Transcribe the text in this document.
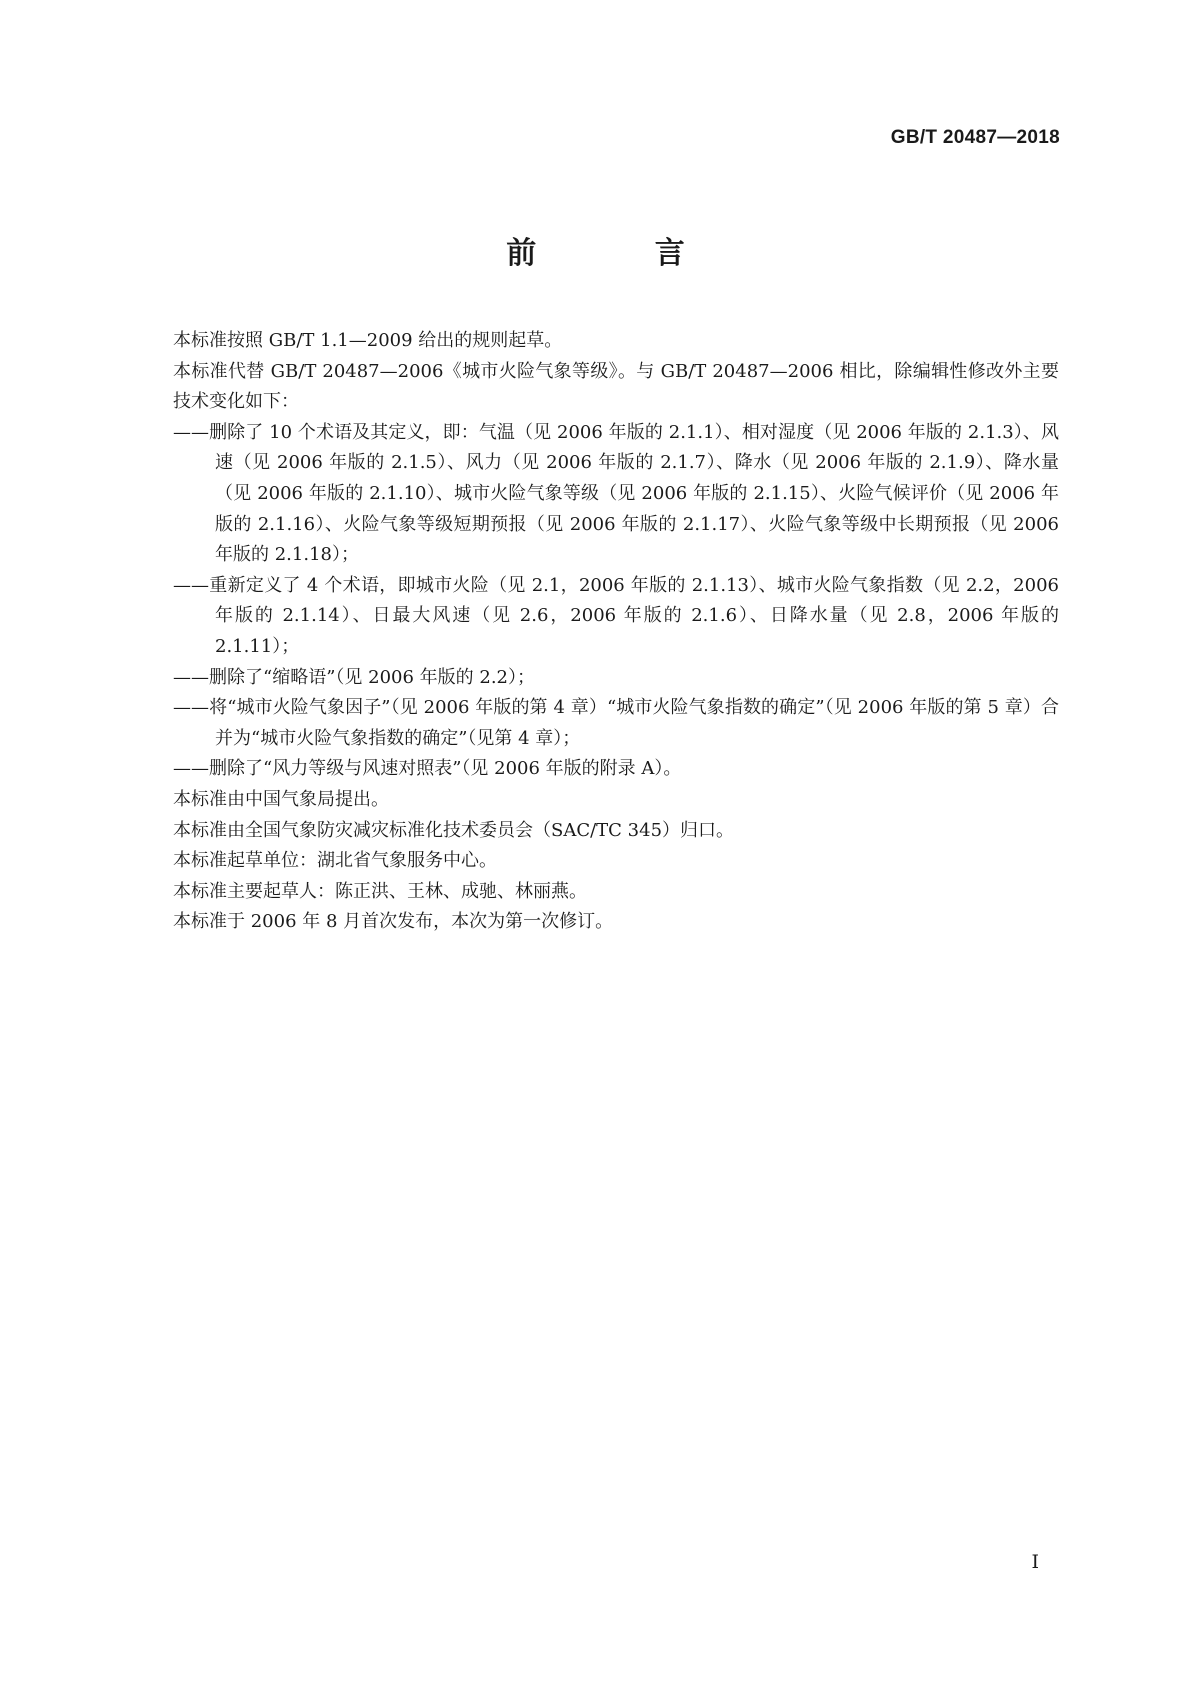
GB/T 20487—2018
前 言

本标准按照 GB/T 1.1—2009 给出的规则起草。

本标准代替 GB/T 20487—2006《城市火险气象等级》。与 GB/T 20487—2006 相比，除编辑性修改外主要技术变化如下：

——删除了 10 个术语及其定义，即：气温（见 2006 年版的 2.1.1）、相对湿度（见 2006 年版的 2.1.3）、风速（见 2006 年版的 2.1.5）、风力（见 2006 年版的 2.1.7）、降水（见 2006 年版的 2.1.9）、降水量（见 2006 年版的 2.1.10）、城市火险气象等级（见 2006 年版的 2.1.15）、火险气候评价（见 2006 年版的 2.1.16）、火险气象等级短期预报（见 2006 年版的 2.1.17）、火险气象等级中长期预报（见 2006 年版的 2.1.18）；

——重新定义了 4 个术语，即城市火险（见 2.1，2006 年版的 2.1.13）、城市火险气象指数（见 2.2，2006 年版的 2.1.14）、日最大风速（见 2.6，2006 年版的 2.1.6）、日降水量（见 2.8，2006 年版的 2.1.11）；

——删除了“缩略语”（见 2006 年版的 2.2）；

——将“城市火险气象因子”（见 2006 年版的第 4 章）“城市火险气象指数的确定”（见 2006 年版的第 5 章）合并为“城市火险气象指数的确定”（见第 4 章）；

——删除了“风力等级与风速对照表”（见 2006 年版的附录 A）。

本标准由中国气象局提出。

本标准由全国气象防灾减灾标准化技术委员会（SAC/TC 345）归口。

本标准起草单位：湖北省气象服务中心。

本标准主要起草人：陈正洪、王林、成驰、林丽燕。

本标准于 2006 年 8 月首次发布，本次为第一次修订。

I
